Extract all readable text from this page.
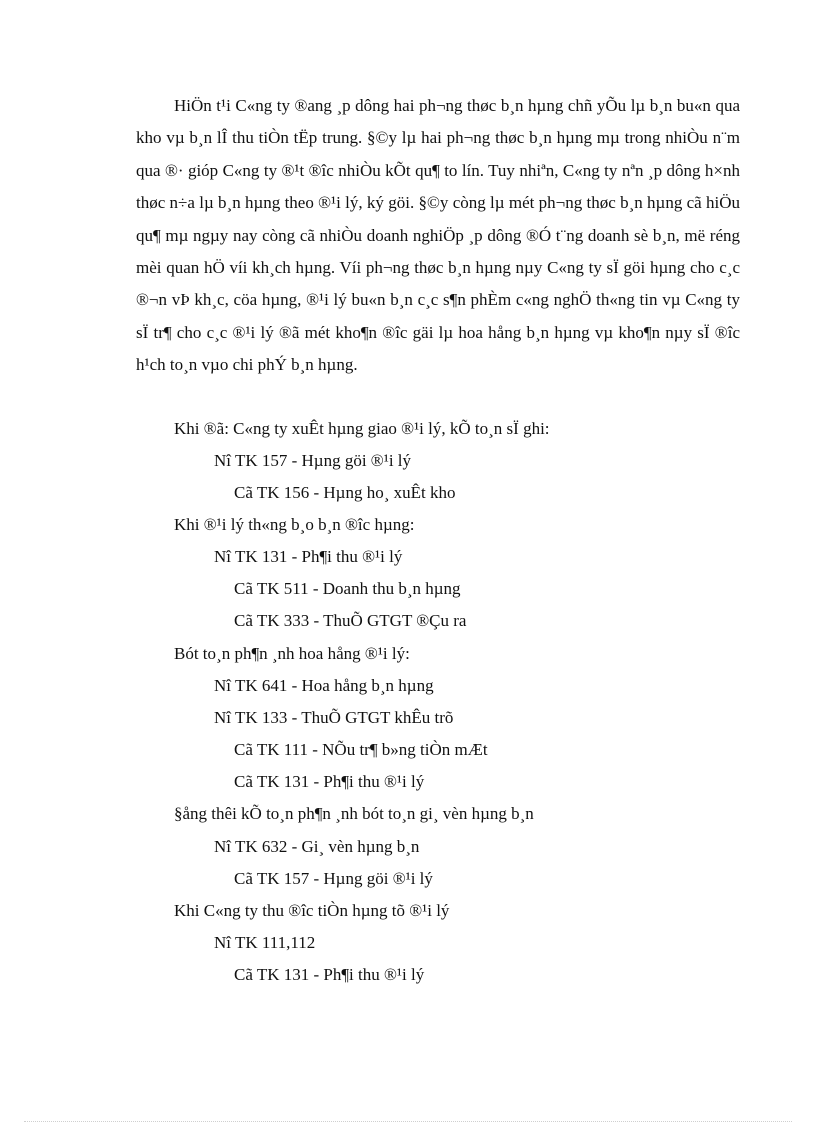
HiÖn t¹i C«ng ty ®ang ¸p dông hai ph¬ng thøc b¸n hµng chñ yÕu lµ b¸n bu«n qua kho vµ b¸n lÎ thu tiÒn tËp trung. §©y lµ hai ph¬ng thøc b¸n hµng mµ trong nhiÒu n¨m qua ®· gióp C«ng ty ®¹t ®îc nhiÒu kÕt qu¶ to lín. Tuy nhiªn, C«ng ty nªn ¸p dông h×nh thøc n÷a lµ b¸n hµng theo ®¹i lý, ký göi. §©y còng lµ mét ph¬ng thøc b¸n hµng cã hiÖu qu¶ mµ ngµy nay còng cã nhiÒu doanh nghiÖp ¸p dông ®Ó t¨ng doanh sè b¸n, më réng mèi quan hÖ víi kh¸ch hµng. Víi ph¬ng thøc b¸n hµng nµy C«ng ty sÏ göi hµng cho c¸c ®¬n vÞ kh¸c, cöa hµng, ®¹i lý bu«n b¸n c¸c s¶n phÈm c«ng nghÖ th«ng tin vµ C«ng ty sÏ tr¶ cho c¸c ®¹i lý ®ã mét kho¶n ®îc gäi lµ hoa hång b¸n hµng vµ kho¶n nµy sÏ ®îc h¹ch to¸n vµo chi phÝ b¸n hµng.

Khi ®ã: C«ng ty xuÊt hµng giao ®¹i lý, kÕ to¸n sÏ ghi:
Nî TK 157 - Hµng göi ®¹i lý
Cã TK 156 - Hµng ho¸ xuÊt kho
Khi ®¹i lý th«ng b¸o b¸n ®îc hµng:
Nî TK 131 - Ph¶i thu ®¹i lý
Cã TK 511 - Doanh thu b¸n hµng
Cã TK 333 - ThuÕ GTGT ®Çu ra
Bót to¸n ph¶n ¸nh hoa hång ®¹i lý:
Nî TK 641 - Hoa hång b¸n hµng
Nî TK 133 - ThuÕ GTGT khÊu trõ
Cã TK 111 - NÕu tr¶ b»ng tiÒn mÆt
Cã TK 131 - Ph¶i thu ®¹i lý
§ång thêi kÕ to¸n ph¶n ¸nh bót to¸n gi¸ vèn hµng b¸n
Nî TK 632 - Gi¸ vèn hµng b¸n
Cã TK 157 - Hµng göi ®¹i lý
Khi C«ng ty thu ®îc tiÒn hµng tõ ®¹i lý
Nî TK 111,112
Cã TK 131 - Ph¶i thu ®¹i lý
